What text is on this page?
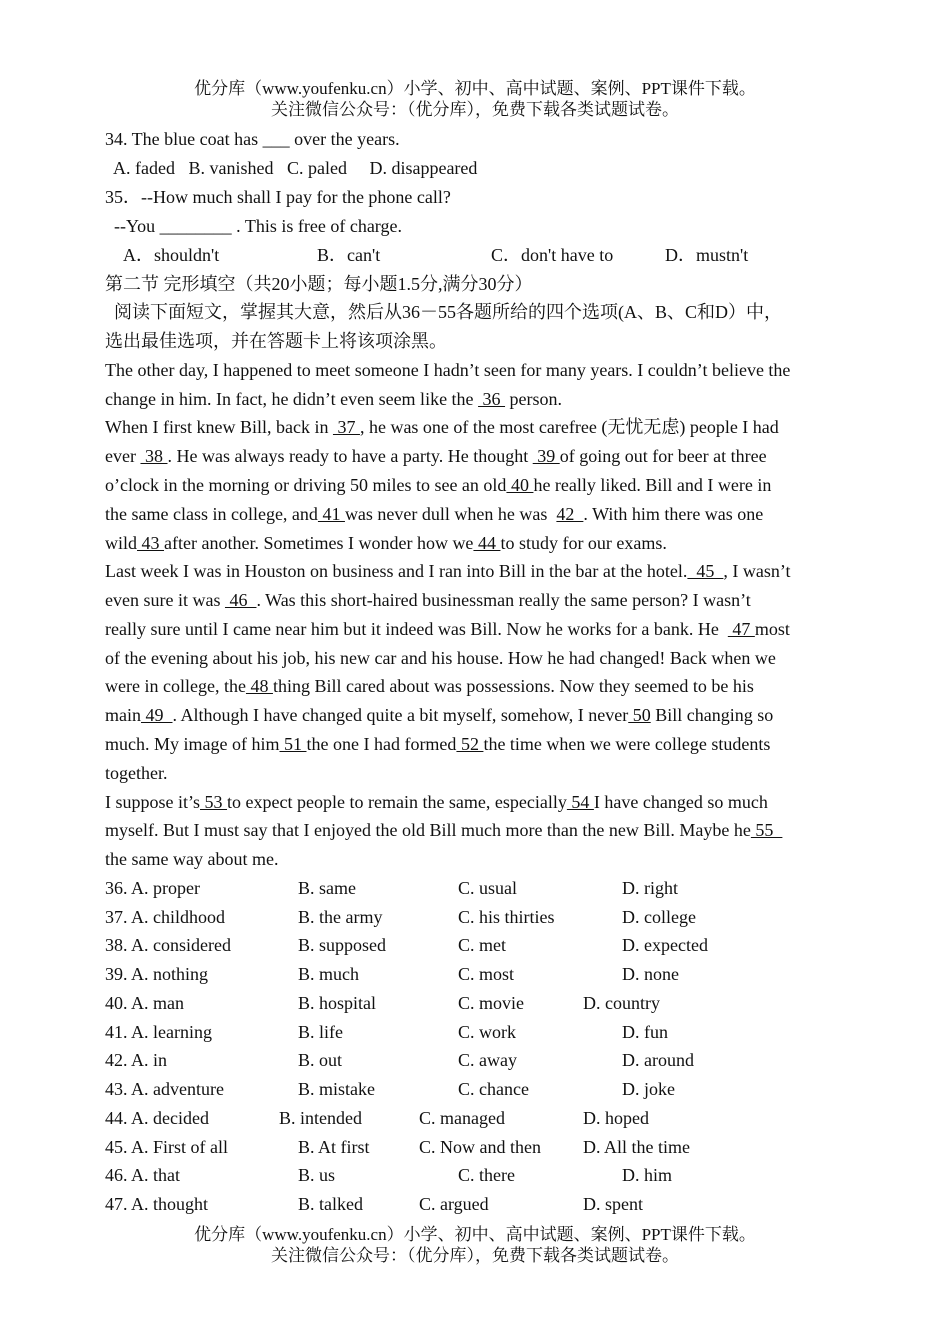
优分库（www.youfenku.cn）小学、初中、高中试题、案例、PPT课件下载。
关注微信公众号：（优分库），免费下载各类试题试卷。
34. The blue coat has ___ over the years.
A. faded   B. vanished   C. paled     D. disappeared
35．--How much shall I pay for the phone call?
--You ________ . This is free of charge.
A．shouldn't	B．can't	C．don't have to	D．mustn't
第二节 完形填空（共20小题；每小题1.5分,满分30分）
阅读下面短文，掌握其大意，然后从36－55各题所给的四个选项(A、B、C和D）中，
选出最佳选项，并在答题卡上将该项涂黑。
The other day, I happened to meet someone I hadn’t seen for many years. I couldn’t believe the
change in him. In fact, he didn’t even seem like the  36  person.
When I first knew Bill, back in  37 , he was one of the most carefree (无忧无虑) people I had
ever  38 . He was always ready to have a party. He thought  39 of going out for beer at three
o’clock in the morning or driving 50 miles to see an old 40 he really liked. Bill and I were in
the same class in college, and 41 was never dull when he was  42  . With him there was one
wild 43 after another. Sometimes I wonder how we 44 to study for our exams.
Last week I was in Houston on business and I ran into Bill in the bar at the hotel.  45  , I wasn’t
even sure it was  46  . Was this short-haired businessman really the same person? I wasn’t
really sure until I came near him but it indeed was Bill. Now he works for a bank. He   47 most
of the evening about his job, his new car and his house. How he had changed! Back when we
were in college, the 48 thing Bill cared about was possessions. Now they seemed to be his
main 49  . Although I have changed quite a bit myself, somehow, I never 50 Bill changing so
much. My image of him 51 the one I had formed 52 the time when we were college students
together.
I suppose it’s 53 to expect people to remain the same, especially 54 I have changed so much
myself. But I must say that I enjoyed the old Bill much more than the new Bill. Maybe he 55
the same way about me.
36. A. proper	B. same	C. usual	D. right
37. A. childhood	B. the army	C. his thirties	D. college
38. A. considered	B. supposed	C. met	D. expected
39. A. nothing	B. much	C. most	D. none
40. A. man	B. hospital	C. movie	D. country
41. A. learning	B. life	C. work	D. fun
42. A. in	B. out	C. away	D. around
43. A. adventure	B. mistake	C. chance	D. joke
44. A. decided	B. intended	C. managed	D. hoped
45. A. First of all	B. At first	C. Now and then D. All the time
46. A. that	B. us	C. there	D. him
47. A. thought	B. talked	C. argued	D. spent
优分库（www.youfenku.cn）小学、初中、高中试题、案例、PPT课件下载。
关注微信公众号：（优分库），免费下载各类试题试卷。
